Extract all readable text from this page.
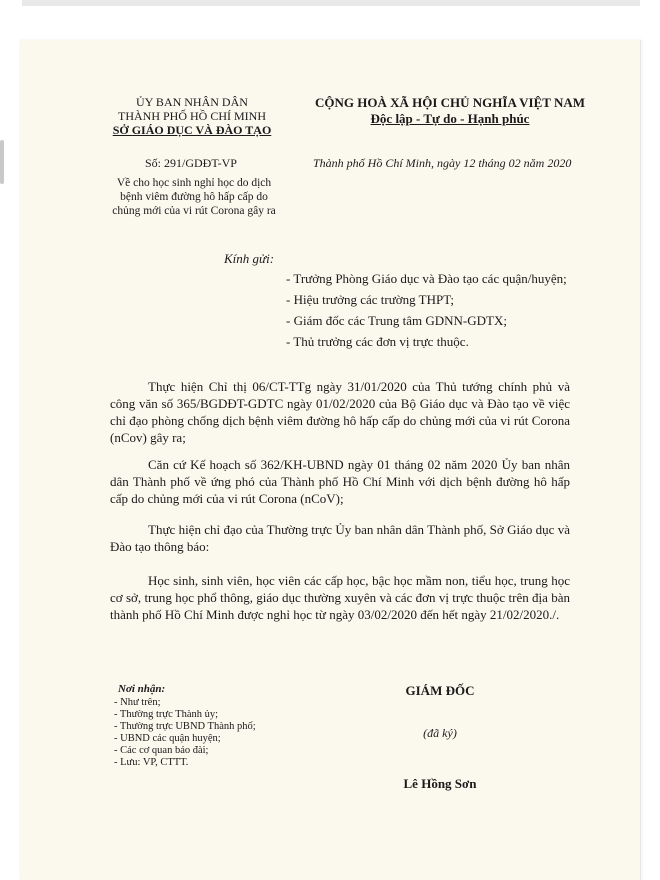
ỦY BAN NHÂN DÂN
THÀNH PHỐ HỒ CHÍ MINH
SỞ GIÁO DỤC VÀ ĐÀO TẠO
Số: 291/GDĐT-VP
Về cho học sinh nghỉ học do dịch
bệnh viêm đường hô hấp cấp do
chủng mới của vi rút Corona gây ra
CỘNG HOÀ XÃ HỘI CHỦ NGHĨA VIỆT NAM
Độc lập - Tự do - Hạnh phúc
Thành phố Hồ Chí Minh, ngày 12 tháng 02 năm 2020
Kính gửi:
- Trưởng Phòng Giáo dục và Đào tạo các quận/huyện;
- Hiệu trưởng các trường THPT;
- Giám đốc các Trung tâm GDNN-GDTX;
- Thủ trưởng các đơn vị trực thuộc.
Thực hiện Chỉ thị 06/CT-TTg ngày 31/01/2020 của Thủ tướng chính phủ và công văn số 365/BGDĐT-GDTC ngày 01/02/2020 của Bộ Giáo dục và Đào tạo về việc chỉ đạo phòng chống dịch bệnh viêm đường hô hấp cấp do chủng mới của vi rút Corona (nCov) gây ra;
Căn cứ Kế hoạch số 362/KH-UBND ngày 01 tháng 02 năm 2020 Ủy ban nhân dân Thành phố về ứng phó của Thành phố Hồ Chí Minh với dịch bệnh đường hô hấp cấp do chủng mới của vi rút Corona (nCoV);
Thực hiện chỉ đạo của Thường trực Ủy ban nhân dân Thành phố, Sở Giáo dục và Đào tạo thông báo:
Học sinh, sinh viên, học viên các cấp học, bậc học mầm non, tiểu học, trung học cơ sở, trung học phổ thông, giáo dục thường xuyên và các đơn vị trực thuộc trên địa bàn thành phố Hồ Chí Minh được nghỉ học từ ngày 03/02/2020 đến hết ngày 21/02/2020./.
Nơi nhận:
- Như trên;
- Thường trực Thành ủy;
- Thường trực UBND Thành phố;
- UBND các quận huyện;
- Các cơ quan báo đài;
- Lưu: VP, CTTT.
GIÁM ĐỐC
(đã ký)
Lê Hồng Sơn
